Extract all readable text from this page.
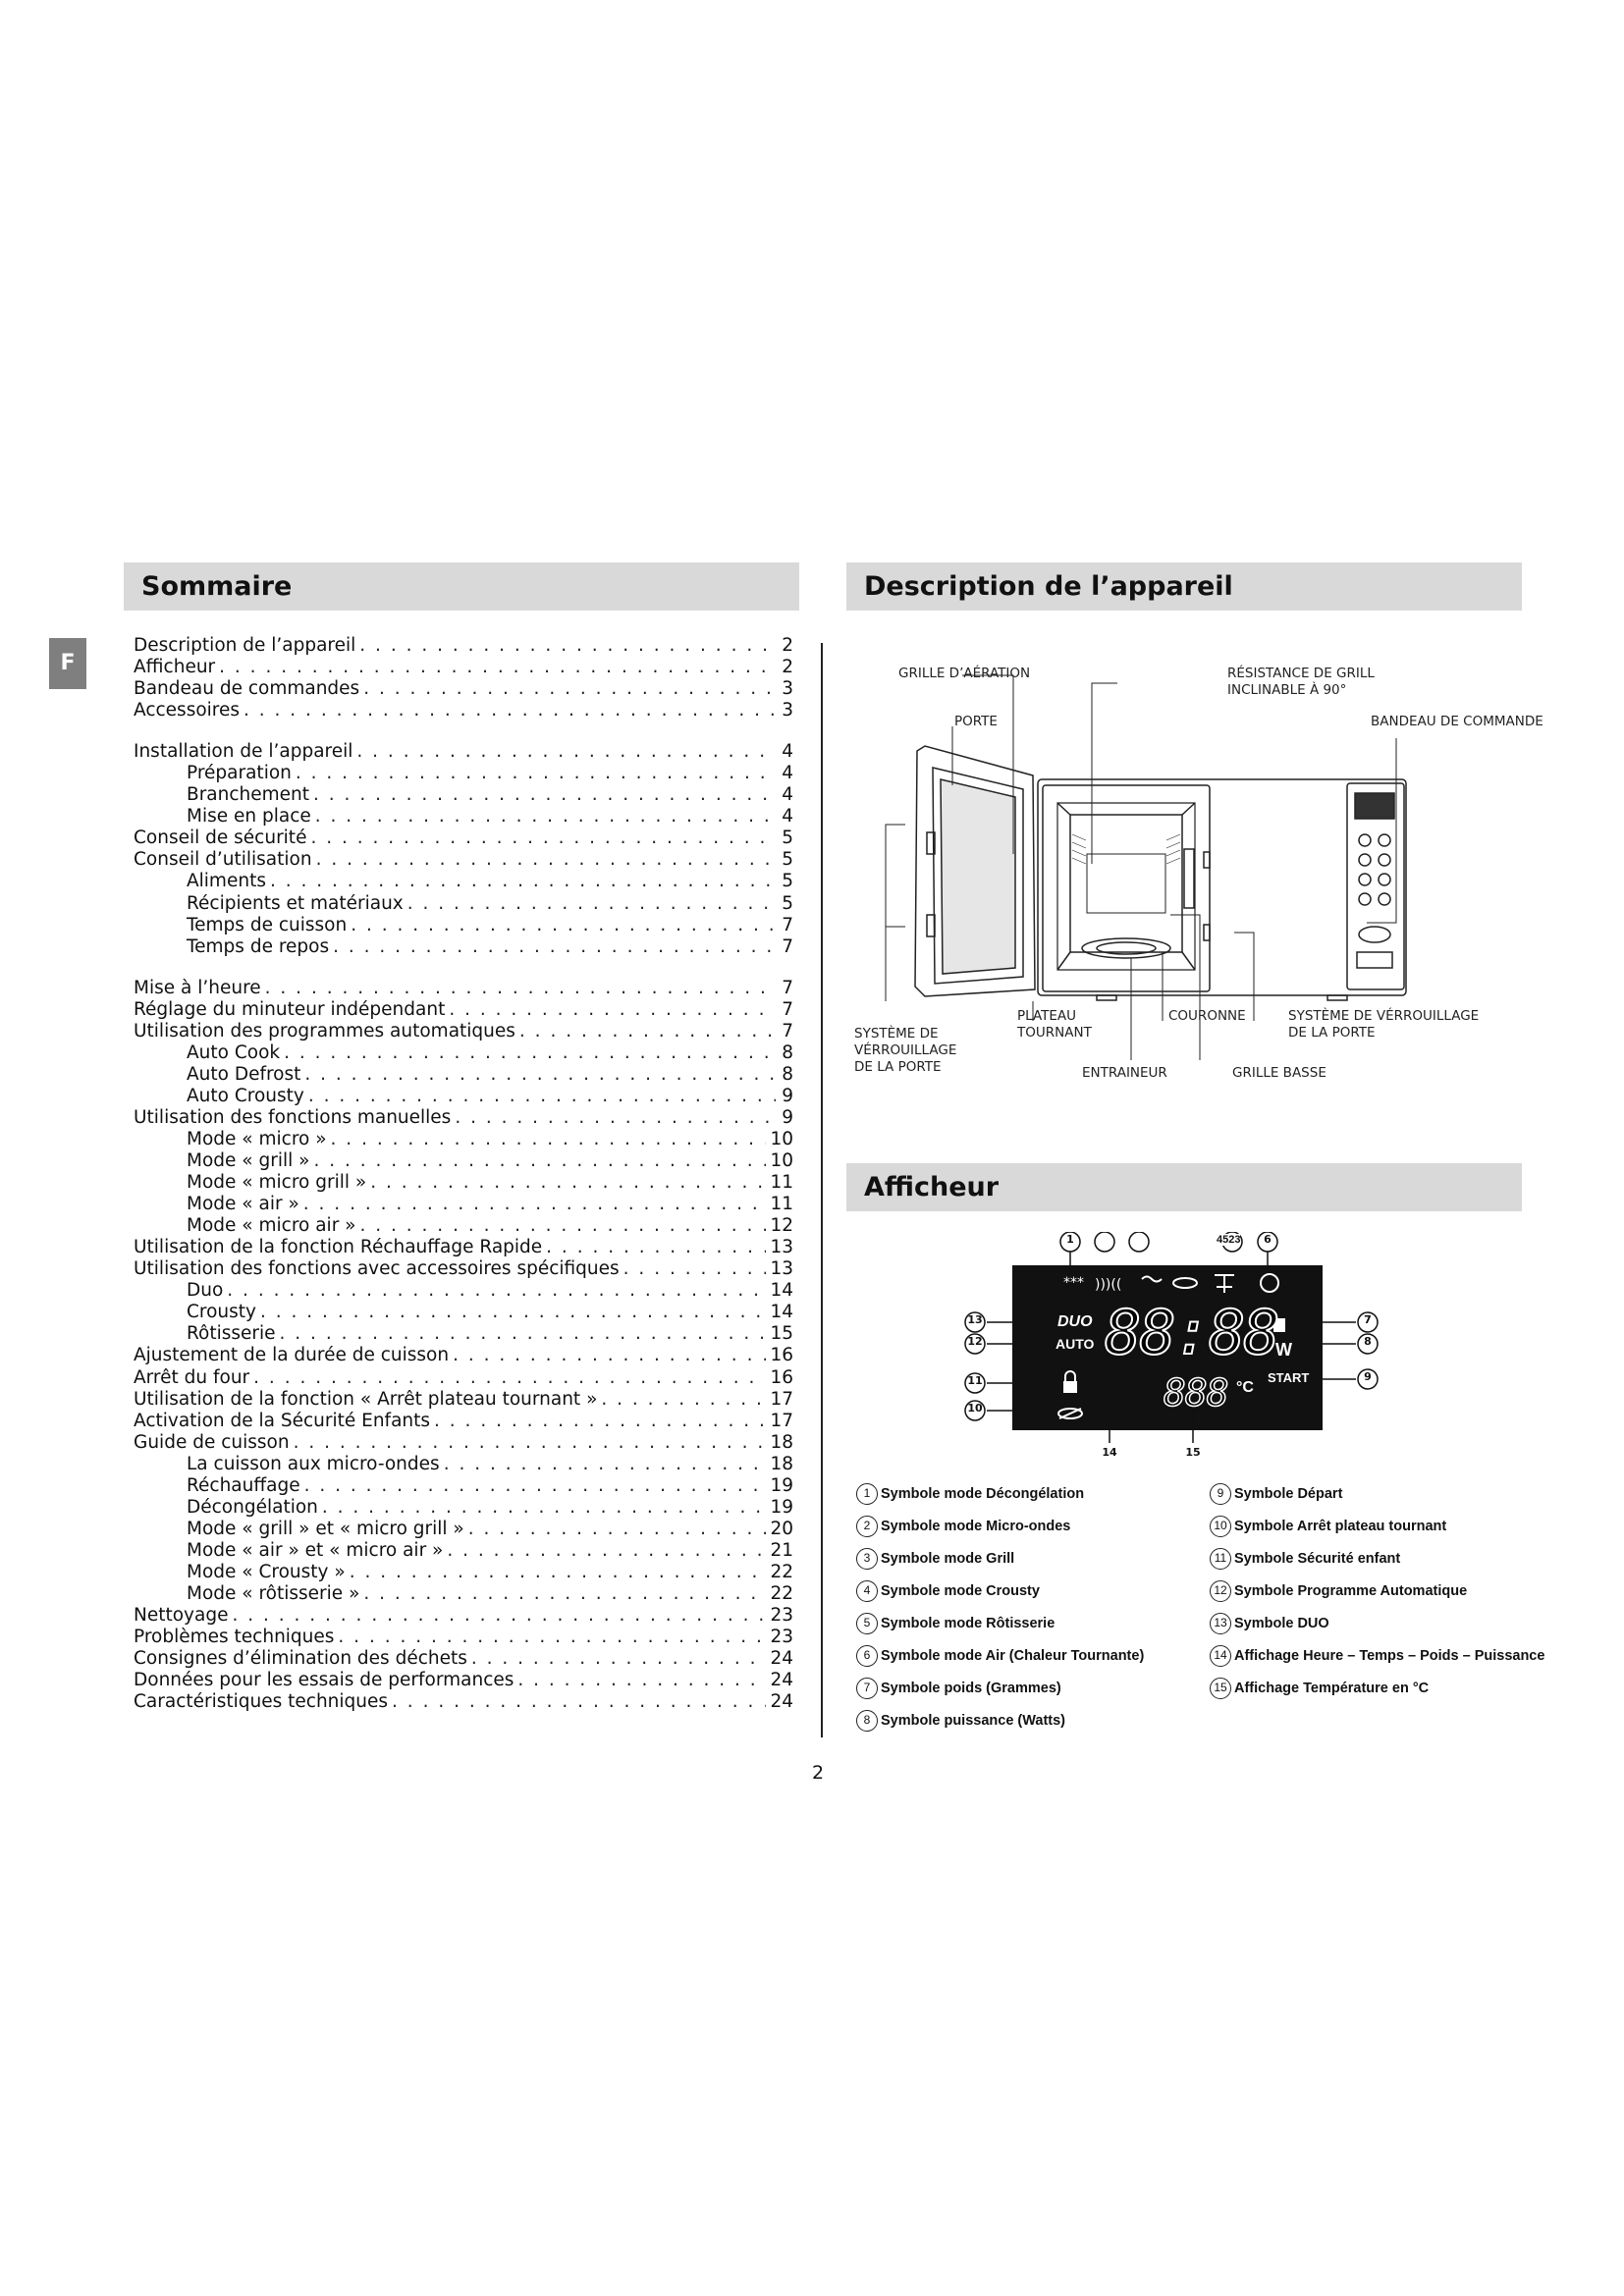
F
Sommaire	Description de l’appareil
Afficheur
Description de l’appareil . . .	2
Afficheur . . .	2
Bandeau de commandes . . .	3
Accessoires . . .	3
Installation de l’appareil . . .	4
Préparation . . .	4
Branchement . . .	4
Mise en place . . .	4
Conseil de sécurité . . .	5
Conseil d’utilisation . . .	5
Aliments . . .	5
Récipients et matériaux . . .	5
Temps de cuisson . . .	7
Temps de repos . . .	7
Mise à l’heure . . .	7
Réglage du minuteur indépendant . . .	7
Utilisation des programmes automatiques . . .	7
Auto Cook . . .	8
Auto Defrost . . .	8
Auto Crousty . . .	9
Utilisation des fonctions manuelles . . .	9
Mode « micro » . . .	10
Mode « grill » . . .	10
Mode « micro grill » . . .	11
Mode « air » . . .	11
Mode « micro air » . . .	12
Utilisation de la fonction Réchauffage Rapide . . .	13
Utilisation des fonctions avec accessoires spécifiques . . .	13
Duo . . .	14
Crousty . . .	14
Rôtisserie . . .	15
Ajustement de la durée de cuisson . . .	16
Arrêt du four . . .	16
Utilisation de la fonction « Arrêt plateau tournant » . . .	17
Activation de la Sécurité Enfants . . .	17
Guide de cuisson . . .	18
La cuisson aux micro-ondes . . .	18
Réchauffage . . .	19
Décongélation . . .	19
Mode « grill » et « micro grill » . . .	20
Mode « air » et « micro air » . . .	21
Mode « Crousty » . . .	22
Mode « rôtisserie » . . .	22
Nettoyage . . .	23
Problèmes techniques . . .	23
Consignes d’élimination des déchets . . .	24
Données pour les essais de performances . . .	24
Caractéristiques techniques . . .	24
GRILLE D’AÉRATION	RÉSISTANCE DE GRILL
INCLINABLE À 90°
PORTE	BANDEAU DE COMMANDE
SYSTÈME DE
VÉRROUILLAGE
DE LA PORTE
PLATEAU
TOURNANT
COURONNE	SYSTÈME DE VÉRROUILLAGE
DE LA PORTE
ENTRAINEUR	GRILLE BASSE
*** )))((
DUO
AUTO 88:88
W
START
888 °C
4523
1	6
13	7
12	8
11	9
10
14	15
1 Symbole mode Décongélation
2 Symbole mode Micro-ondes
3 Symbole mode Grill
4 Symbole mode Crousty
5 Symbole mode Rôtisserie
6 Symbole mode Air (Chaleur Tournante)
7 Symbole poids (Grammes)
8 Symbole puissance (Watts)
9 Symbole Départ
10 Symbole Arrêt plateau tournant
11 Symbole Sécurité enfant
12 Symbole Programme Automatique
13 Symbole DUO
14 Affichage Heure – Temps – Poids – Puissance
15 Affichage Température en °C
2
